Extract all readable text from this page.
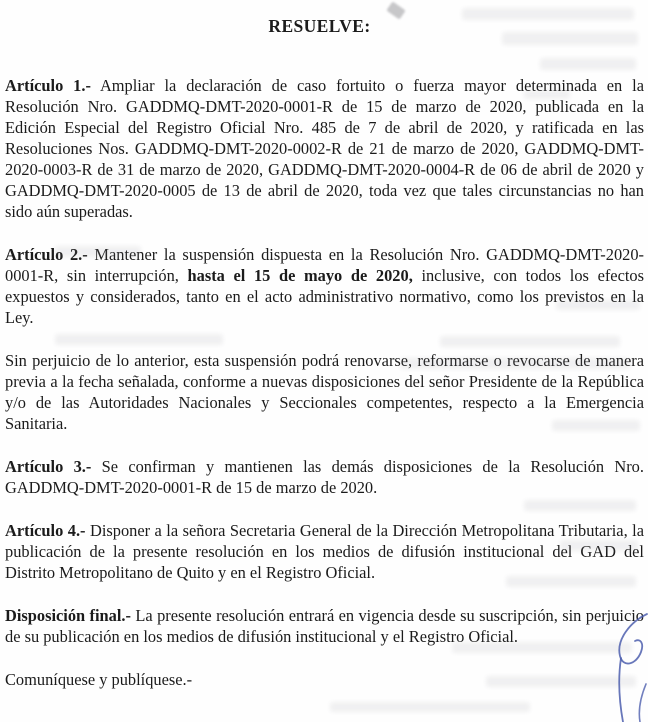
RESUELVE:

Artículo 1.- Ampliar la declaración de caso fortuito o fuerza mayor determinada en la Resolución Nro. GADDMQ-DMT-2020-0001-R de 15 de marzo de 2020, publicada en la Edición Especial del Registro Oficial Nro. 485 de 7 de abril de 2020, y ratificada en las Resoluciones Nos. GADDMQ-DMT-2020-0002-R de 21 de marzo de 2020, GADDMQ-DMT-2020-0003-R de 31 de marzo de 2020, GADDMQ-DMT-2020-0004-R de 06 de abril de 2020 y GADDMQ-DMT-2020-0005 de 13 de abril de 2020, toda vez que tales circunstancias no han sido aún superadas.

Artículo 2.- Mantener la suspensión dispuesta en la Resolución Nro. GADDMQ-DMT-2020-0001-R, sin interrupción, hasta el 15 de mayo de 2020, inclusive, con todos los efectos expuestos y considerados, tanto en el acto administrativo normativo, como los previstos en la Ley.

Sin perjuicio de lo anterior, esta suspensión podrá renovarse, reformarse o revocarse de manera previa a la fecha señalada, conforme a nuevas disposiciones del señor Presidente de la República y/o de las Autoridades Nacionales y Seccionales competentes, respecto a la Emergencia Sanitaria.

Artículo 3.- Se confirman y mantienen las demás disposiciones de la Resolución Nro. GADDMQ-DMT-2020-0001-R de 15 de marzo de 2020.

Artículo 4.- Disponer a la señora Secretaria General de la Dirección Metropolitana Tributaria, la publicación de la presente resolución en los medios de difusión institucional del GAD del Distrito Metropolitano de Quito y en el Registro Oficial.

Disposición final.- La presente resolución entrará en vigencia desde su suscripción, sin perjuicio de su publicación en los medios de difusión institucional y el Registro Oficial.

Comuníquese y publíquese.-
